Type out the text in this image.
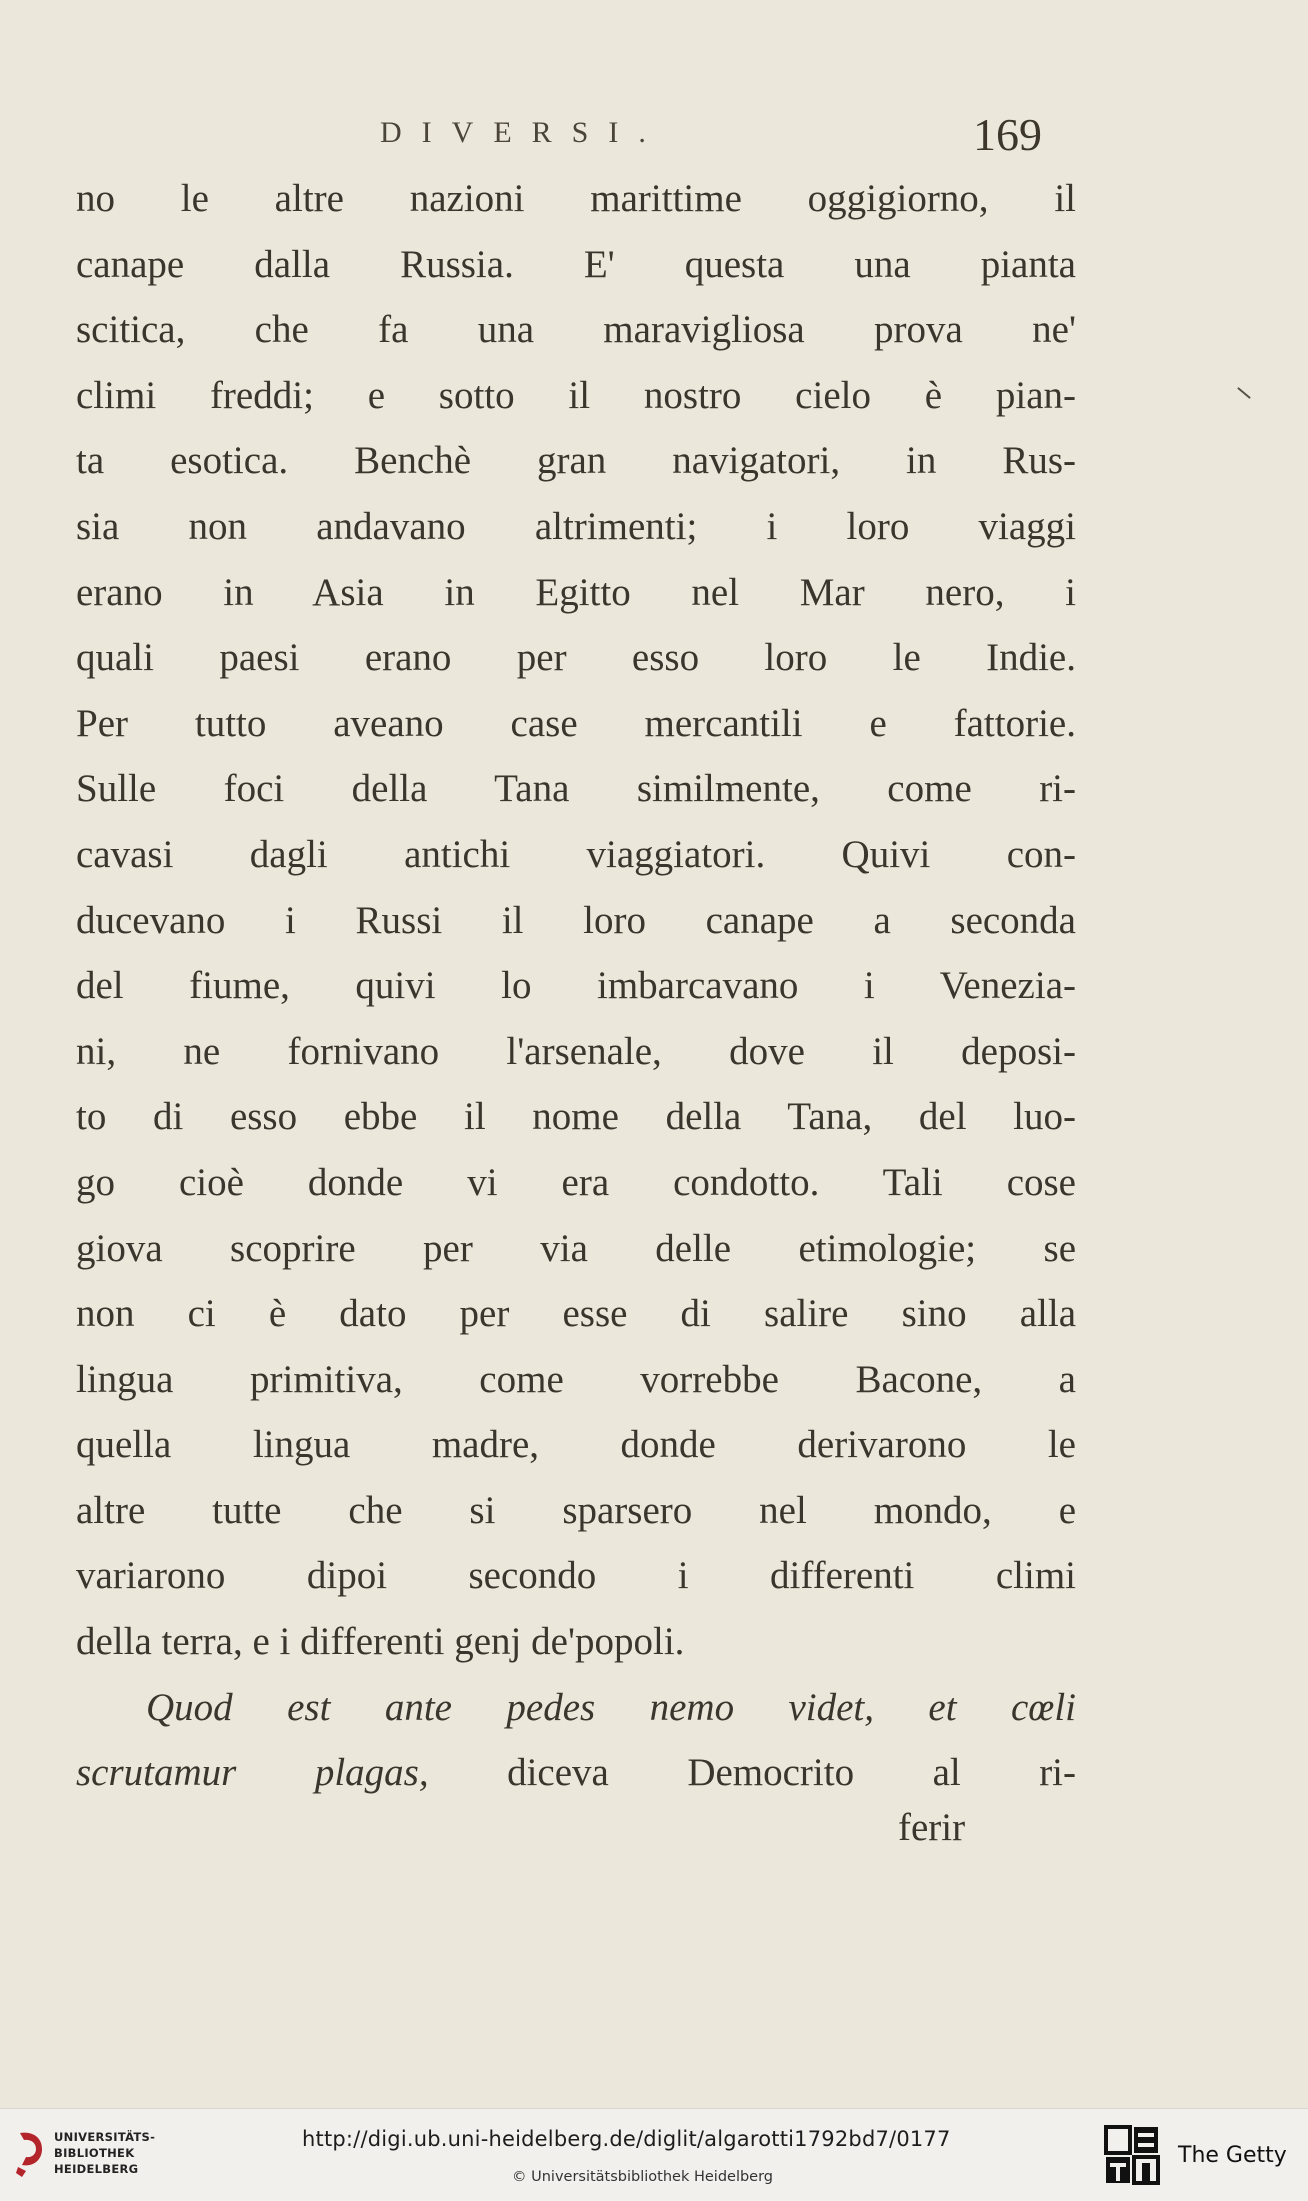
DIVERSI.	169
no le altre nazioni marittime oggigiorno, il
canape dalla Russia. E' questa una pianta
scitica, che fa una maravigliosa prova ne'
climi freddi; e sotto il nostro cielo è pian-
ta esotica. Benchè gran navigatori, in Rus-
sia non andavano altrimenti; i loro viaggi
erano in Asia in Egitto nel Mar nero, i
quali paesi erano per esso loro le Indie.
Per tutto aveano case mercantili e fattorie.
Sulle foci della Tana similmente, come ri-
cavasi dagli antichi viaggiatori. Quivi con-
ducevano i Russi il loro canape a seconda
del fiume, quivi lo imbarcavano i Venezia-
ni, ne fornivano l'arsenale, dove il deposi-
to di esso ebbe il nome della Tana, del luo-
go cioè donde vi era condotto. Tali cose
giova scoprire per via delle etimologie; se
non ci è dato per esse di salire sino alla
lingua primitiva, come vorrebbe Bacone, a
quella lingua madre, donde derivarono le
altre tutte che si sparsero nel mondo, e
variarono dipoi secondo i differenti climi
della terra, e i differenti genj de'popoli.
Quod est ante pedes nemo videt, et cœli
scrutamur plagas, diceva Democrito al ri-
ferir
UNIVERSITÄTS-
BIBLIOTHEK
HEIDELBERG
http://digi.ub.uni-heidelberg.de/diglit/algarotti1792bd7/0177
© Universitätsbibliothek Heidelberg
The Getty
